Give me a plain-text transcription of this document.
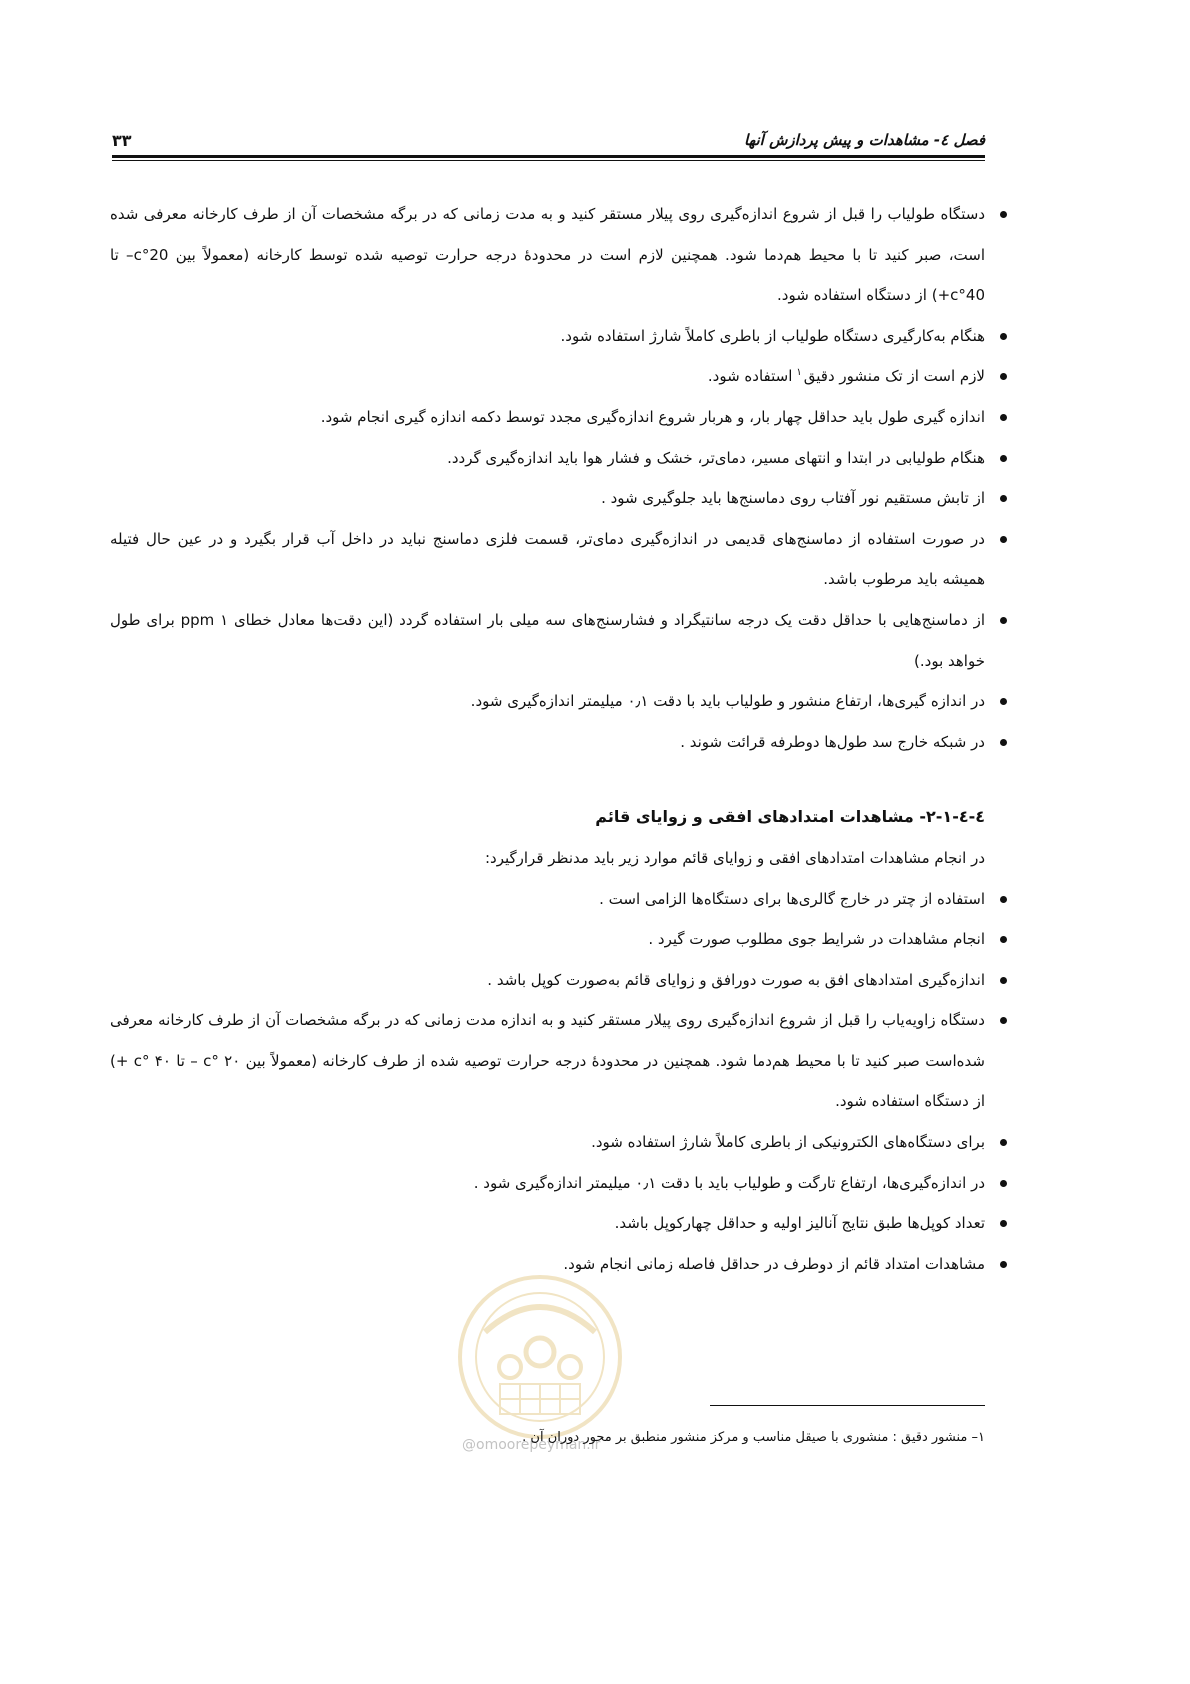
فصل ٤- مشاهدات و پیش پردازش آنها
۳۳
دستگاه طولیاب را قبل از شروع اندازه‌گیری روی پیلار مستقر کنید و به مدت زمانی که در برگه مشخصات آن از طرف کارخانه معرفی شده است، صبر کنید تا با محیط هم‌دما شود. همچنین لازم است در محدودهٔ درجه حرارت توصیه شده توسط کارخانه (معمولاً بین 20°c– تا 40°c+) از دستگاه استفاده شود.
هنگام به‌کارگیری دستگاه طولیاب از باطری کاملاً شارژ استفاده شود.
لازم است از تک منشور دقیق$^۱$استفاده شود.
اندازه گیری طول باید حداقل چهار بار، و هربار شروع اندازه‌گیری مجدد توسط دکمه اندازه گیری انجام شود.
هنگام طولیابی در ابتدا و انتهای مسیر، دمای‌تر، خشک و فشار هوا باید اندازه‌گیری گردد.
از تابش مستقیم نور آفتاب روی دماسنج‌ها باید جلوگیری شود .
در صورت استفاده از دماسنج‌های قدیمی در اندازه‌گیری دمای‌تر، قسمت فلزی دماسنج نباید در داخل آب قرار بگیرد و در عین حال فتیله همیشه باید مرطوب باشد.
از دماسنج‌هایی با حداقل دقت یک درجه سانتیگراد و فشارسنج‌های سه میلی بار استفاده گردد (این دقت‌ها معادل خطای ۱ ppm برای طول خواهد بود.)
در اندازه گیری‌ها، ارتفاع منشور و طولیاب باید با دقت ۰٫۱ میلیمتر اندازه‌گیری شود.
در شبکه خارج سد طول‌ها دوطرفه قرائت شوند .
٤-٤-١-٢- مشاهدات امتدادهای افقی و زوایای قائم

در انجام مشاهدات امتدادهای افقی و زوایای قائم موارد زیر باید مدنظر قرارگیرد:

استفاده از چتر در خارج گالری‌ها برای دستگاه‌ها الزامی است .
انجام مشاهدات در شرایط جوی مطلوب صورت گیرد .
اندازه‌گیری امتدادهای افق به صورت دورافق و زوایای قائم به‌صورت کوپل باشد .
دستگاه زاویه‌یاب را قبل از شروع اندازه‌گیری روی پیلار مستقر کنید و به اندازه مدت زمانی که در برگه مشخصات آن از طرف کارخانه معرفی شده‌است صبر کنید تا با محیط هم‌دما شود. همچنین در محدودهٔ درجه حرارت توصیه شده از طرف کارخانه (معمولاً بین ۲۰ °c – تا ۴۰ °c +) از دستگاه استفاده شود.
برای دستگاه‌های الکترونیکی از باطری کاملاً شارژ استفاده شود.
در اندازه‌گیری‌ها، ارتفاع تارگت و طولیاب باید با دقت ۰٫۱ میلیمتر اندازه‌گیری شود .
تعداد کوپل‌ها طبق نتایج آنالیز اولیه و حداقل چهارکوپل باشد.
مشاهدات امتداد قائم از دوطرف در حداقل فاصله زمانی انجام شود.
@omoorepeyman.ir
۱– منشور دقیق : منشوری با صیقل مناسب و مرکز منشور منطبق بر محور دوران آن .
